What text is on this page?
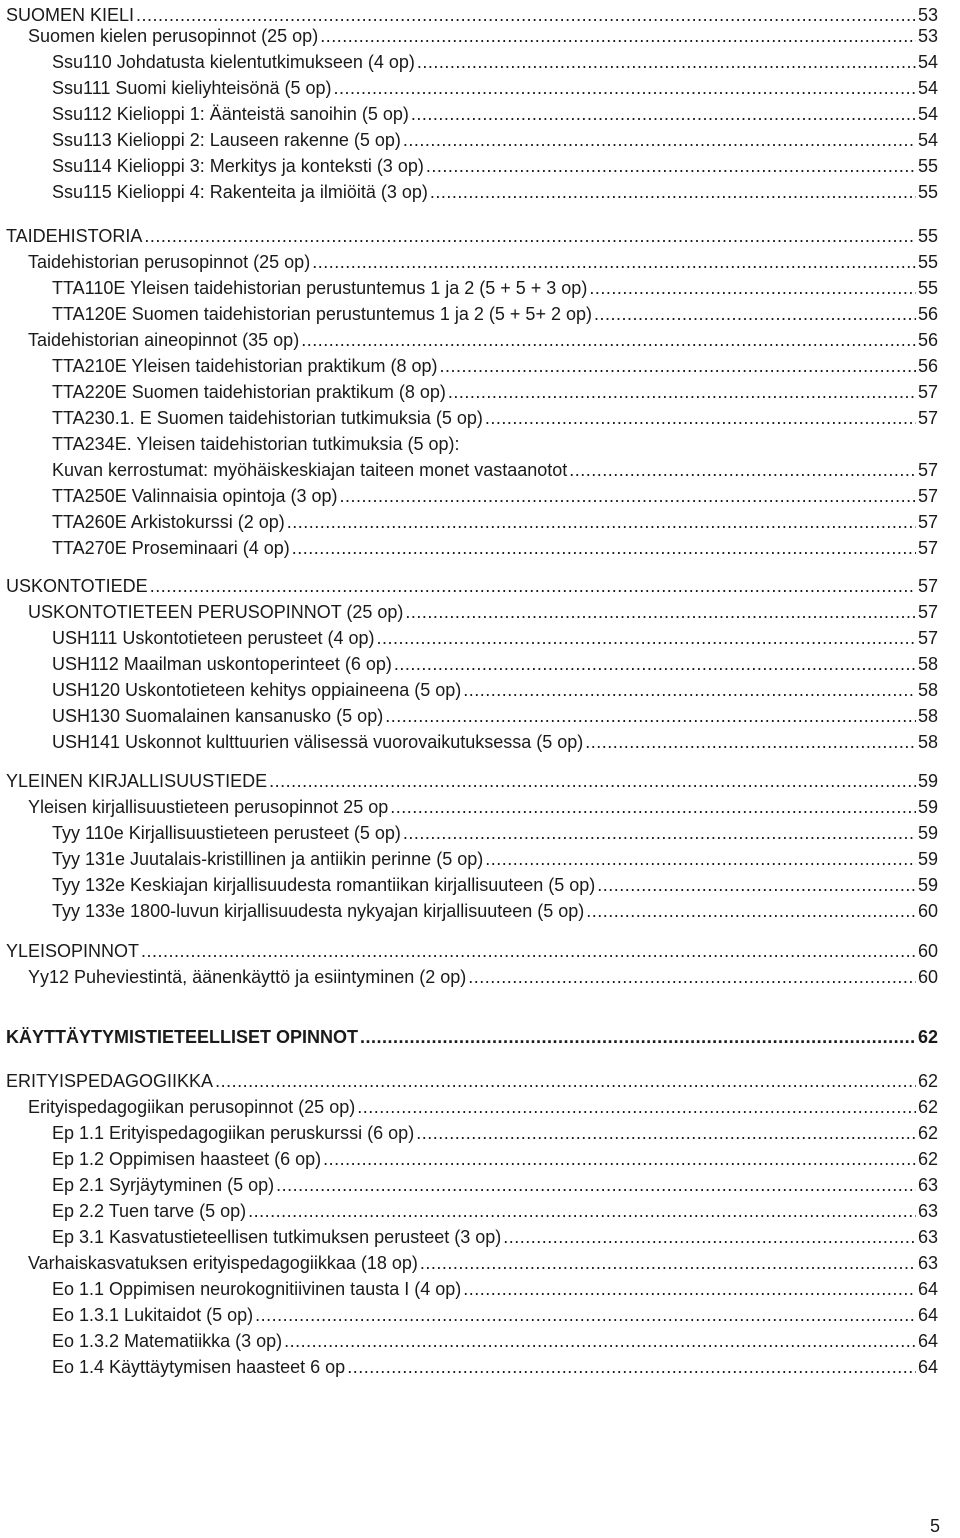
SUOMEN KIELI .....	53
Suomen kielen perusopinnot (25 op) .....	53
Ssu110 Johdatusta kielentutkimukseen (4 op) .....	54
Ssu111 Suomi kieliyhteisönä (5 op) .....	54
Ssu112 Kielioppi 1: Äänteistä sanoihin (5 op) .....	54
Ssu113 Kielioppi 2: Lauseen rakenne (5 op) .....	54
Ssu114 Kielioppi 3: Merkitys ja konteksti (3 op) .....	55
Ssu115 Kielioppi 4: Rakenteita ja ilmiöitä (3 op) .....	55
TAIDEHISTORIA .....	55
Taidehistorian perusopinnot (25 op) .....	55
TTA110E Yleisen taidehistorian perustuntemus 1 ja 2 (5 + 5 + 3 op) .....	55
TTA120E Suomen taidehistorian perustuntemus 1 ja 2 (5 + 5+ 2 op) .....	56
Taidehistorian aineopinnot (35 op) .....	56
TTA210E Yleisen taidehistorian praktikum (8 op) .....	56
TTA220E Suomen taidehistorian praktikum (8 op) .....	57
TTA230.1. E Suomen taidehistorian tutkimuksia (5 op) .....	57
TTA234E. Yleisen taidehistorian tutkimuksia (5 op):
Kuvan kerrostumat: myöhäiskeskiajan taiteen monet vastaanotot .....	57
TTA250E Valinnaisia opintoja (3 op) .....	57
TTA260E Arkistokurssi (2 op) .....	57
TTA270E Proseminaari (4 op) .....	57
USKONTOTIEDE .....	57
USKONTOTIETEEN PERUSOPINNOT (25 op) .....	57
USH111 Uskontotieteen perusteet (4 op) .....	57
USH112 Maailman uskontoperinteet (6 op) .....	58
USH120 Uskontotieteen kehitys oppiaineena (5 op) .....	58
USH130 Suomalainen kansanusko (5 op) .....	58
USH141 Uskonnot kulttuurien välisessä vuorovaikutuksessa (5 op) .....	58
YLEINEN KIRJALLISUUSTIEDE .....	59
Yleisen kirjallisuustieteen perusopinnot 25 op .....	59
Tyy 110e Kirjallisuustieteen perusteet (5 op) .....	59
Tyy 131e Juutalais-kristillinen ja antiikin perinne (5 op) .....	59
Tyy 132e Keskiajan kirjallisuudesta romantiikan kirjallisuuteen (5 op) .....	59
Tyy 133e 1800-luvun kirjallisuudesta nykyajan kirjallisuuteen (5 op) .....	60
YLEISOPINNOT .....	60
Yy12 Puheviestintä, äänenkäyttö ja esiintyminen (2 op) .....	60
KÄYTTÄYTYMISTIETEELLISET OPINNOT .....	62
ERITYISPEDAGOGIIKKA .....	62
Erityispedagogiikan perusopinnot (25 op) .....	62
Ep 1.1 Erityispedagogiikan peruskurssi (6 op) .....	62
Ep 1.2 Oppimisen haasteet (6 op) .....	62
Ep 2.1 Syrjäytyminen (5 op) .....	63
Ep 2.2 Tuen tarve (5 op) .....	63
Ep 3.1 Kasvatustieteellisen tutkimuksen perusteet (3 op) .....	63
Varhaiskasvatuksen erityispedagogiikkaa (18 op) .....	63
Eo 1.1 Oppimisen neurokognitiivinen tausta I (4 op) .....	64
Eo 1.3.1 Lukitaidot (5 op) .....	64
Eo 1.3.2 Matematiikka (3 op) .....	64
Eo 1.4 Käyttäytymisen haasteet 6 op .....	64
5
